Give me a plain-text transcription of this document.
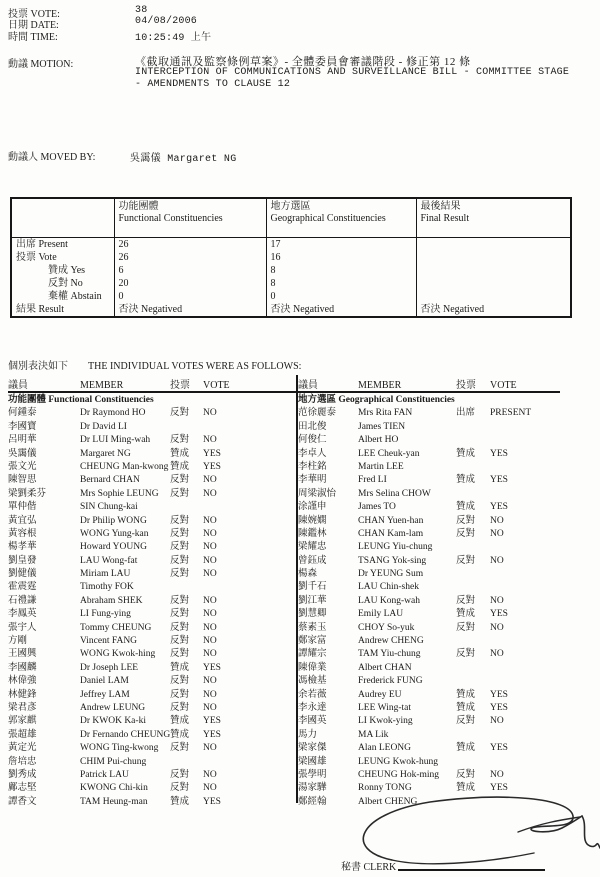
投票 VOTE:	38
日期 DATE:	04/08/2006
時間 TIME:	10:25:49 上午
動議 MOTION:	《截取通訊及監察條例草案》- 全體委員會審議階段 - 修正第 12 條
INTERCEPTION OF COMMUNICATIONS AND SURVEILLANCE BILL - COMMITTEE STAGE
- AMENDMENTS TO CLAUSE 12
動議人 MOVED BY:	吳靄儀 Margaret NG

功能團體
Functional Constituencies

地方選區
Geographical Constituencies

最後結果
Final Result

出席 Present	26	17	
投票 Vote	26	16	
贊成 Yes	6	8	
反對 No	20	8	
棄權 Abstain	0	0	
結果 Result	否決 Negatived	否決 Negatived	否決 Negatived
個別表決如下 THE INDIVIDUAL VOTES WERE AS FOLLOWS:
議員	MEMBER	投票	VOTE	議員	MEMBER	投票	VOTE
功能團體 Functional Constituencies
何鍾泰	Dr Raymond HO	反對	NO
李國寶	Dr David LI
呂明華	Dr LUI Ming-wah	反對	NO
吳靄儀	Margaret NG	贊成	YES
張文光	CHEUNG Man-kwong 贊成	YES
陳智思	Bernard CHAN	反對	NO
梁劉柔芬	Mrs Sophie LEUNG	反對	NO
單仲偕	SIN Chung-kai
黃宜弘	Dr Philip WONG	反對	NO
黃容根	WONG Yung-kan	反對	NO
楊孝華	Howard YOUNG	反對	NO
劉皇發	LAU Wong-fat	反對	NO
劉健儀	Miriam LAU	反對	NO
霍震霆	Timothy FOK
石禮謙	Abraham SHEK	反對	NO
李鳳英	LI Fung-ying	反對	NO
張宇人	Tommy CHEUNG	反對	NO
方剛	Vincent FANG	反對	NO
王國興	WONG Kwok-hing	反對	NO
李國麟	Dr Joseph LEE	贊成	YES
林偉強	Daniel LAM	反對	NO
林健鋒	Jeffrey LAM	反對	NO
梁君彥	Andrew LEUNG	反對	NO
郭家麒	Dr KWOK Ka-ki	贊成	YES
張超雄	Dr Fernando CHEUNG 贊成	YES
黃定光	WONG Ting-kwong	反對	NO
詹培忠	CHIM Pui-chung
劉秀成	Patrick LAU	反對	NO
鄺志堅	KWONG Chi-kin	反對	NO
譚香文	TAM Heung-man	贊成	YES
地方選區 Geographical Constituencies
范徐麗泰	Mrs Rita FAN	出席	PRESENT
田北俊	James TIEN
何俊仁	Albert HO
李卓人	LEE Cheuk-yan	贊成	YES
李柱銘	Martin LEE
李華明	Fred LI	贊成	YES
周梁淑怡	Mrs Selina CHOW
涂謹申	James TO	贊成	YES
陳婉嫻	CHAN Yuen-han	反對	NO
陳鑑林	CHAN Kam-lam	反對	NO
梁耀忠	LEUNG Yiu-chung
曾鈺成	TSANG Yok-sing	反對	NO
楊森	Dr YEUNG Sum
劉千石	LAU Chin-shek
劉江華	LAU Kong-wah	反對	NO
劉慧卿	Emily LAU	贊成	YES
蔡素玉	CHOY So-yuk	反對	NO
鄭家富	Andrew CHENG
譚耀宗	TAM Yiu-chung	反對	NO
陳偉業	Albert CHAN
馮檢基	Frederick FUNG
余若薇	Audrey EU	贊成	YES
李永達	LEE Wing-tat	贊成	YES
李國英	LI Kwok-ying	反對	NO
馬力	MA Lik
梁家傑	Alan LEONG	贊成	YES
梁國雄	LEUNG Kwok-hung
張學明	CHEUNG Hok-ming	反對	NO
湯家驊	Ronny TONG	贊成	YES
鄭經翰	Albert CHENG
秘書 CLERK
